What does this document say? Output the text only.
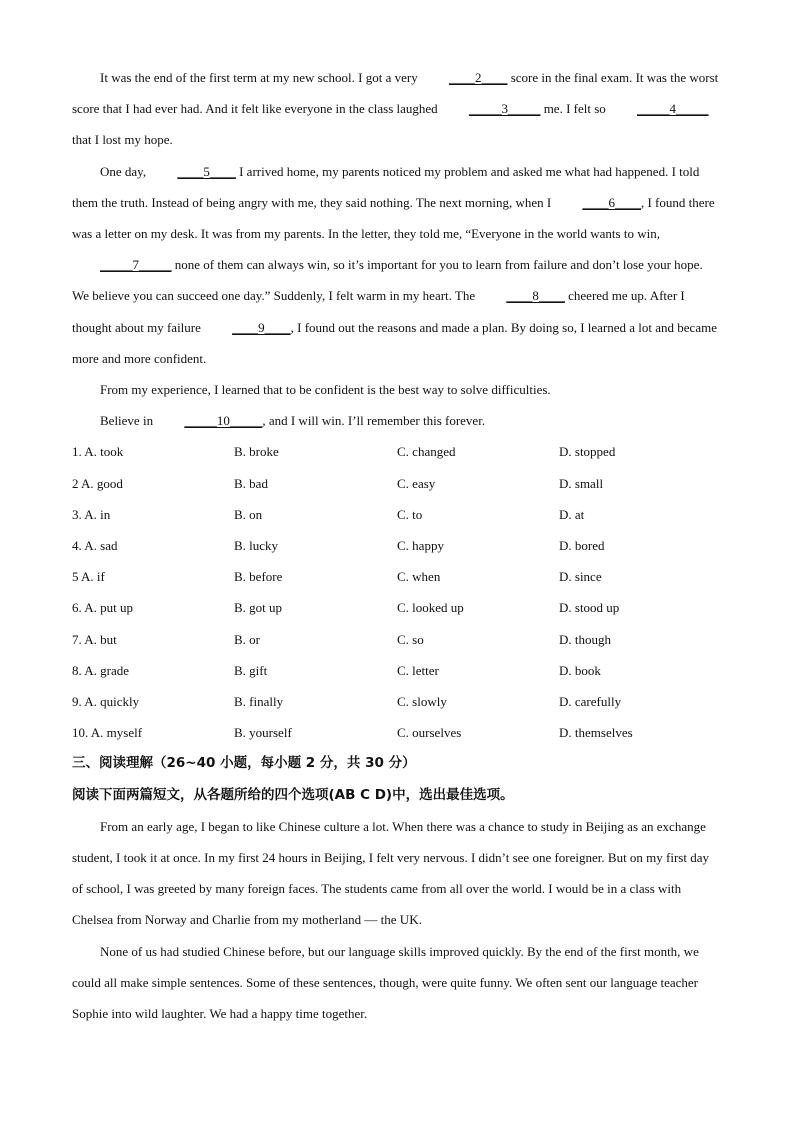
It was the end of the first term at my new school. I got a very ____2____ score in the final exam. It was the worst score that I had ever had. And it felt like everyone in the class laughed _____3_____ me. I felt so _____4_____ that I lost my hope.

One day, ____5____ I arrived home, my parents noticed my problem and asked me what had happened. I told them the truth. Instead of being angry with me, they said nothing. The next morning, when I ____6____, I found there was a letter on my desk. It was from my parents. In the letter, they told me, “Everyone in the world wants to win, _____7_____ none of them can always win, so it’s important for you to learn from failure and don’t lose your hope. We believe you can succeed one day.” Suddenly, I felt warm in my heart. The ____8____ cheered me up. After I thought about my failure ____9____, I found out the reasons and made a plan. By doing so, I learned a lot and became more and more confident.

From my experience, I learned that to be confident is the best way to solve difficulties.

Believe in _____10_____, and I will win. I’ll remember this forever.

1. A. took	B. broke	C. changed	D. stopped
2 A. good	B. bad	C. easy	D. small
3. A. in	B. on	C. to	D. at
4. A. sad	B. lucky	C. happy	D. bored
5 A. if	B. before	C. when	D. since
6. A. put up	B. got up	C. looked up	D. stood up
7. A. but	B. or	C. so	D. though
8. A. grade	B. gift	C. letter	D. book
9. A. quickly	B. finally	C. slowly	D. carefully
10. A. myself	B. yourself	C. ourselves	D. themselves

三、阅读理解（26~40 小题，每小题 2 分，共 30 分）

阅读下面两篇短文，从各题所给的四个选项(AB C D)中，选出最佳选项。

From an early age, I began to like Chinese culture a lot. When there was a chance to study in Beijing as an exchange student, I took it at once. In my first 24 hours in Beijing, I felt very nervous. I didn’t see one foreigner. But on my first day of school, I was greeted by many foreign faces. The students came from all over the world. I would be in a class with Chelsea from Norway and Charlie from my motherland — the UK.

None of us had studied Chinese before, but our language skills improved quickly. By the end of the first month, we could all make simple sentences. Some of these sentences, though, were quite funny. We often sent our language teacher Sophie into wild laughter. We had a happy time together.
